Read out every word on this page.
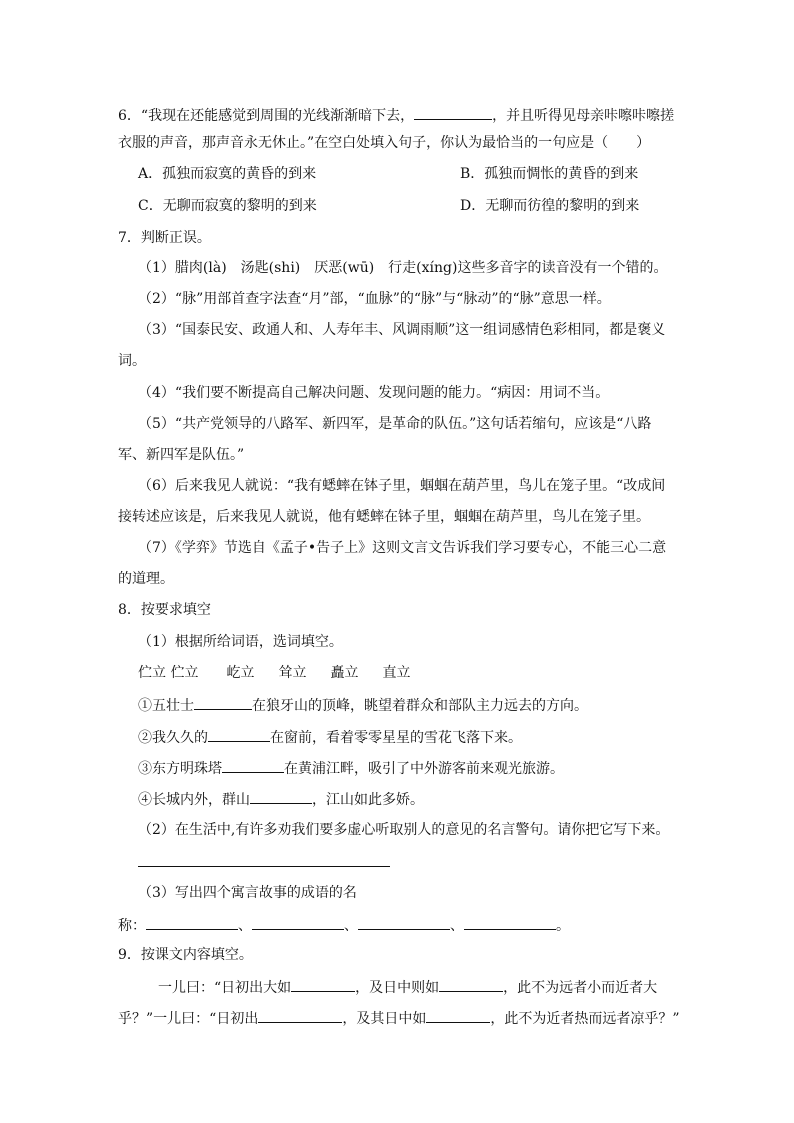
6．“我现在还能感觉到周围的光线渐渐暗下去，	，并且听得见母亲咔嚓咔嚓搓
衣服的声音，那声音永无休止。”在空白处填入句子，你认为最恰当的一句应是（　　）
A．孤独而寂寞的黄昏的到来	B．孤独而惆怅的黄昏的到来
C．无聊而寂寞的黎明的到来	D．无聊而彷徨的黎明的到来
7．判断正误。
（1）腊肉(là)　汤匙(shi)　厌恶(wū)　行走(xíng)这些多音字的读音没有一个错的。
（2）“脉”用部首查字法查“月”部，“血脉”的“脉”与“脉动”的“脉”意思一样。
（3）“国泰民安、政通人和、人寿年丰、风调雨顺”这一组词感情色彩相同，都是褒义
词。
（4）“我们要不断提高自己解决问题、发现问题的能力。“病因：用词不当。
（5）“共产党领导的八路军、新四军，是革命的队伍。”这句话若缩句，应该是“八路
军、新四军是队伍。”
（6）后来我见人就说：“我有蟋蟀在钵子里，蝈蝈在葫芦里，鸟儿在笼子里。“改成间
接转述应该是，后来我见人就说，他有蟋蟀在钵子里，蝈蝈在葫芦里，鸟儿在笼子里。
（7）《学弈》节选自《孟子•告子上》这则文言文告诉我们学习要专心，不能三心二意
的道理。
8．按要求填空
（1）根据所给词语，选词填空。
伫立 伫立 屹立 耸立 矗立 直立
①五壮士	在狼牙山的顶峰，眺望着群众和部队主力远去的方向。
②我久久的	在窗前，看着零零星星的雪花飞落下来。
③东方明珠塔	在黄浦江畔，吸引了中外游客前来观光旅游。
④长城内外，群山	，江山如此多娇。
（2）在生活中,有许多劝我们要多虚心听取别人的意见的名言警句。请你把它写下来。
（3）写出四个寓言故事的成语的名
称：	、	、	、	。
9．按课文内容填空。
一儿曰：“日初出大如	，及日中则如	，此不为远者小而近者大
乎？”一儿曰：“日初出	，及其日中如	，此不为近者热而远者凉乎？”
